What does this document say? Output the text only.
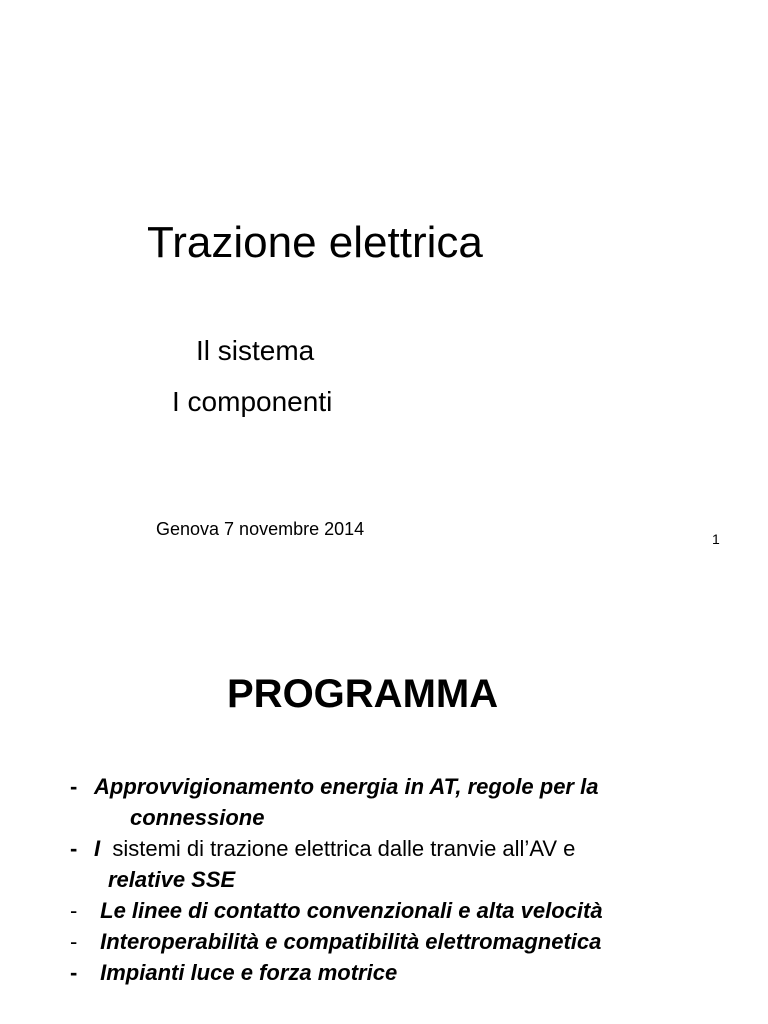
Trazione elettrica
Il sistema
I componenti
Genova 7 novembre 2014	1
PROGRAMMA
- Approvvigionamento energia in AT, regole per la
connessione
- I sistemi di trazione elettrica dalle tranvie all’AV e
relative SSE
- Le linee di contatto convenzionali e alta velocità
- Interoperabilità e compatibilità elettromagnetica
- Impianti luce e forza motrice
